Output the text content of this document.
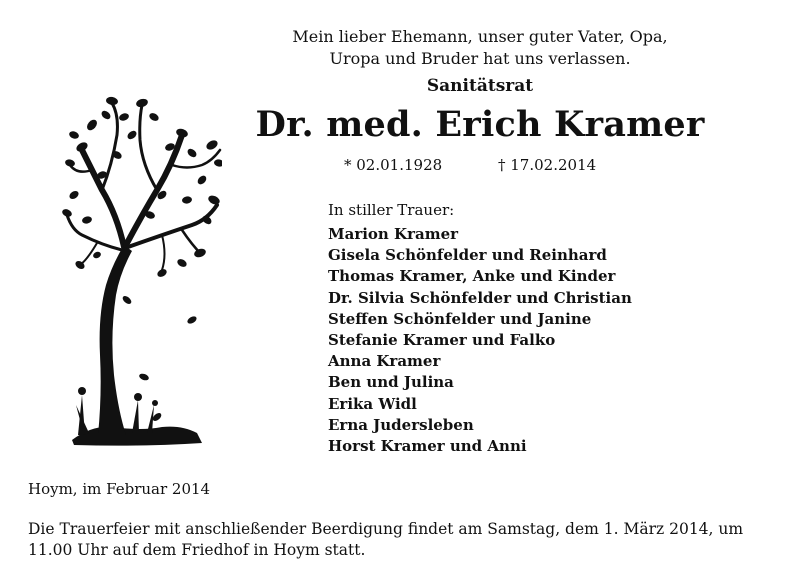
Mein lieber Ehemann, unser guter Vater, Opa,
Uropa und Bruder hat uns verlassen.
Sanitätsrat
Dr. med. Erich Kramer
* 02.01.1928	† 17.02.2014
In stiller Trauer:
Marion Kramer
Gisela Schönfelder und Reinhard
Thomas Kramer, Anke und Kinder
Dr. Silvia Schönfelder und Christian
Steffen Schönfelder und Janine
Stefanie Kramer und Falko
Anna Kramer
Ben und Julina
Erika Widl
Erna Judersleben
Horst Kramer und Anni
Hoym, im Februar 2014
Die Trauerfeier mit anschließender Beerdigung findet am Samstag, dem 1. März 2014, um 11.00 Uhr auf dem Friedhof in Hoym statt.
